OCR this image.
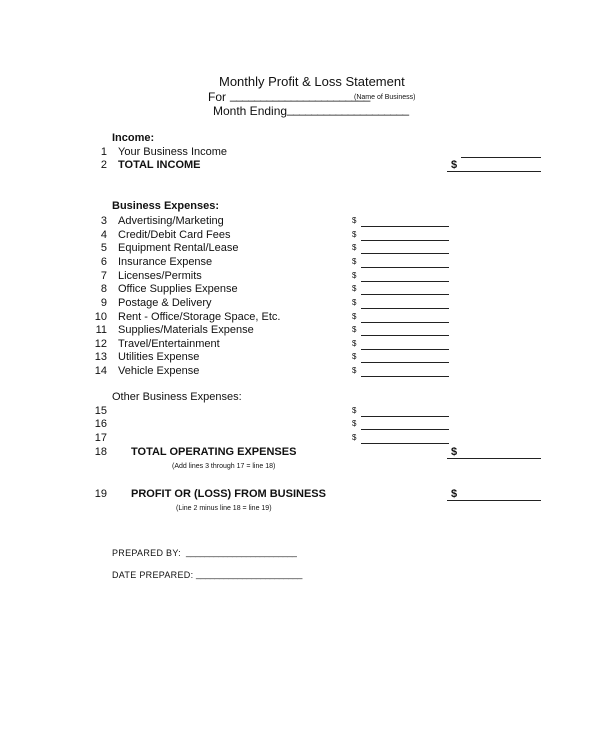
Monthly Profit & Loss Statement
For _______________________
(Name of Business)
Month Ending ____________________
Income:
1 Your Business Income
2 TOTAL INCOME	$
Business Expenses:
3 Advertising/Marketing	$
4 Credit/Debit Card Fees	$
5 Equipment Rental/Lease	$
6 Insurance Expense	$
7 Licenses/Permits	$
8 Office Supplies Expense	$
9 Postage & Delivery	$
10 Rent - Office/Storage Space, Etc.	$
11 Supplies/Materials Expense	$
12 Travel/Entertainment	$
13 Utilities Expense	$
14 Vehicle Expense	$
Other Business Expenses:
15	$
16	$
17	$
18 TOTAL OPERATING EXPENSES	$
(Add lines 3 through 17 = line 18)
19 PROFIT OR (LOSS) FROM BUSINESS	$
(Line 2 minus line 18 = line 19)
PREPARED BY: ________________________
DATE PREPARED: _______________________
